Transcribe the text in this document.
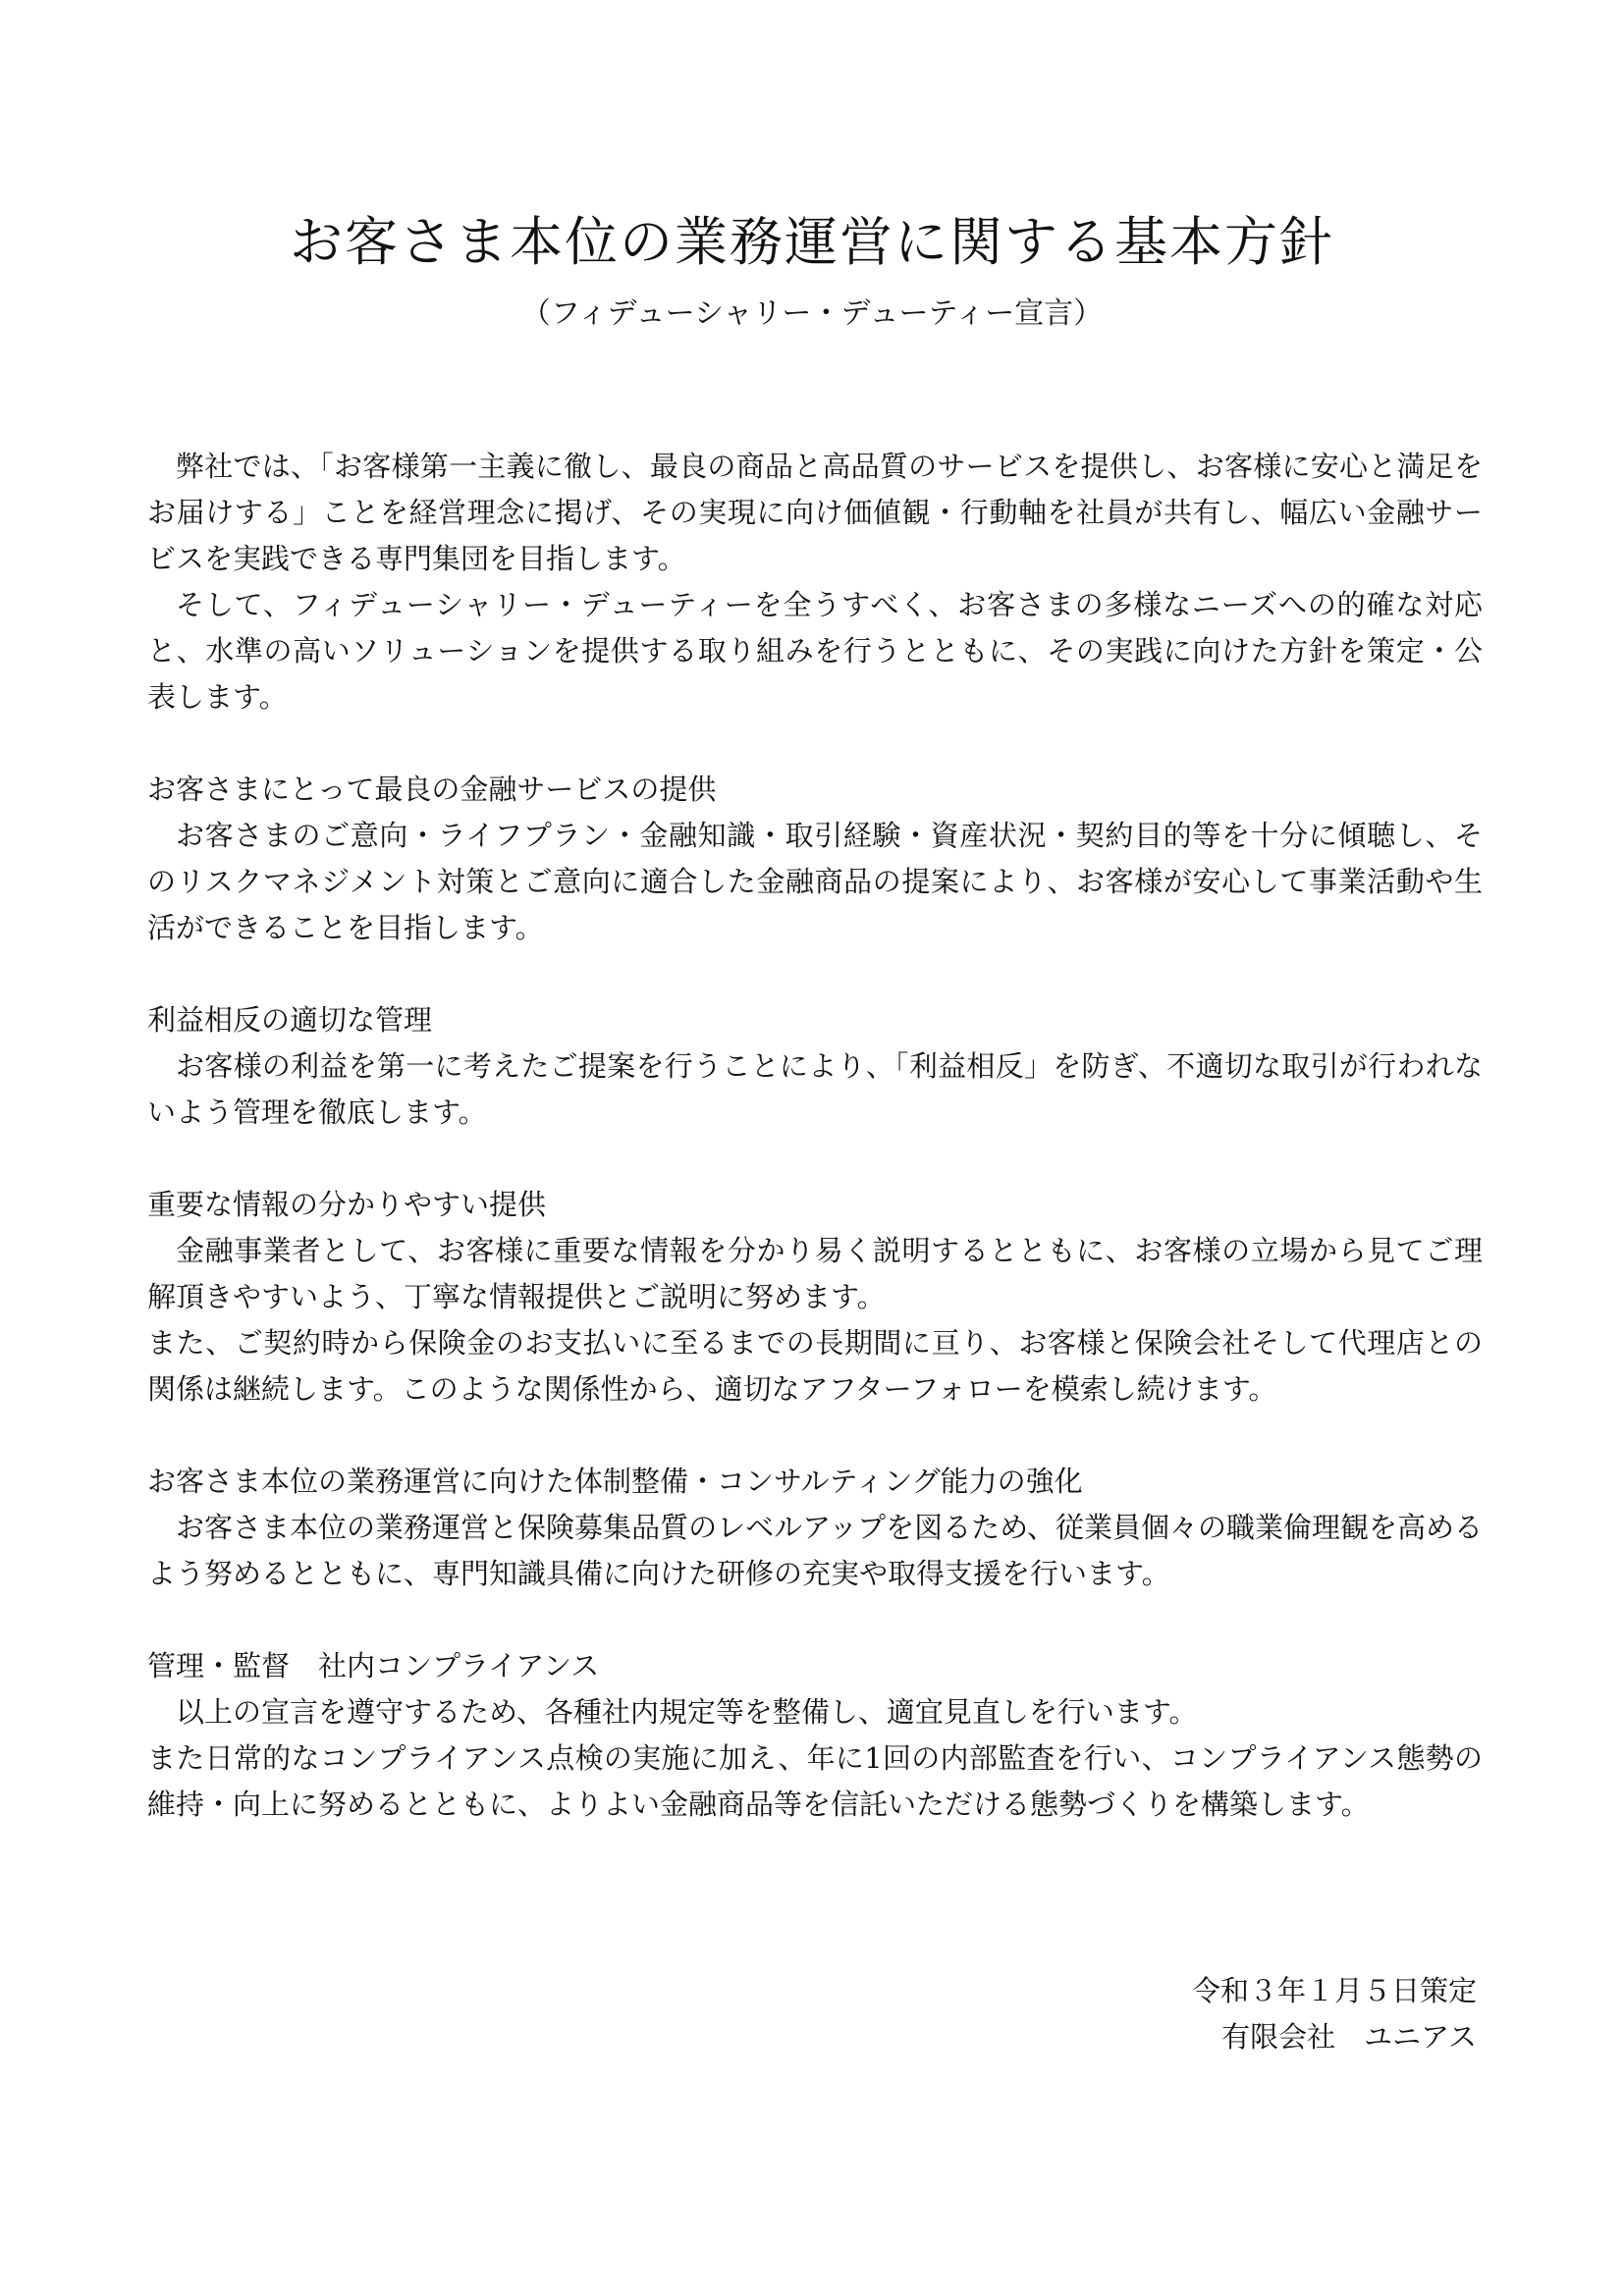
お客さま本位の業務運営に関する基本方針
（フィデューシャリー・デューティー宣言）

弊社では、「お客様第一主義に徹し、最良の商品と高品質のサービスを提供し、お客様に安心と満足をお届けする」ことを経営理念に掲げ、その実現に向け価値観・行動軸を社員が共有し、幅広い金融サービスを実践できる専門集団を目指します。

そして、フィデューシャリー・デューティーを全うすべく、お客さまの多様なニーズへの的確な対応と、水準の高いソリューションを提供する取り組みを行うとともに、その実践に向けた方針を策定・公表します。

お客さまにとって最良の金融サービスの提供

お客さまのご意向・ライフプラン・金融知識・取引経験・資産状況・契約目的等を十分に傾聴し、そのリスクマネジメント対策とご意向に適合した金融商品の提案により、お客様が安心して事業活動や生活ができることを目指します。

利益相反の適切な管理

お客様の利益を第一に考えたご提案を行うことにより、「利益相反」を防ぎ、不適切な取引が行われないよう管理を徹底します。

重要な情報の分かりやすい提供

金融事業者として、お客様に重要な情報を分かり易く説明するとともに、お客様の立場から見てご理解頂きやすいよう、丁寧な情報提供とご説明に努めます。

また、ご契約時から保険金のお支払いに至るまでの長期間に亘り、お客様と保険会社そして代理店との関係は継続します。このような関係性から、適切なアフターフォローを模索し続けます。

お客さま本位の業務運営に向けた体制整備・コンサルティング能力の強化

お客さま本位の業務運営と保険募集品質のレベルアップを図るため、従業員個々の職業倫理観を高めるよう努めるとともに、専門知識具備に向けた研修の充実や取得支援を行います。

管理・監督　社内コンプライアンス

以上の宣言を遵守するため、各種社内規定等を整備し、適宜見直しを行います。

また日常的なコンプライアンス点検の実施に加え、年に1回の内部監査を行い、コンプライアンス態勢の維持・向上に努めるとともに、よりよい金融商品等を信託いただける態勢づくりを構築します。

令和３年１月５日策定
有限会社　ユニアス
